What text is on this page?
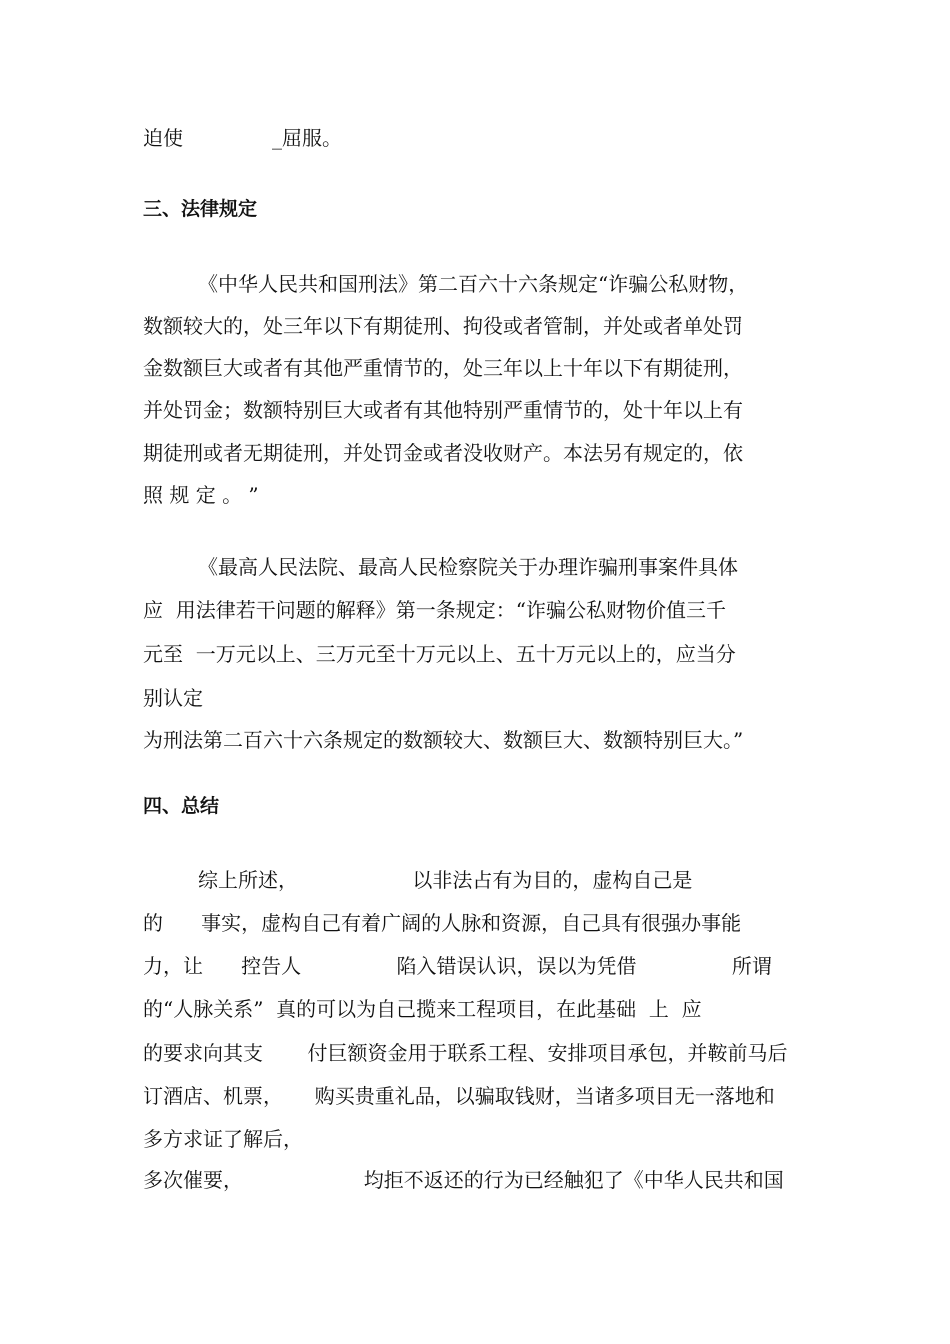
迫使              _屈服。
三、法律规定
《中华人民共和国刑法》第二百六十六条规定“诈骗公私财物，
数额较大的，处三年以下有期徒刑、拘役或者管制，并处或者单处罚
金数额巨大或者有其他严重情节的，处三年以上十年以下有期徒刑，
并处罚金；数额特别巨大或者有其他特别严重情节的，处十年以上有
期徒刑或者无期徒刑，并处罚金或者没收财产。本法另有规定的，依
照 规 定 。 ”
《最高人民法院、最高人民检察院关于办理诈骗刑事案件具体
应  用法律若干问题的解释》第一条规定：“诈骗公私财物价值三千
元至  一万元以上、三万元至十万元以上、五十万元以上的，应当分
别认定
为刑法第二百六十六条规定的数额较大、数额巨大、数额特别巨大。”
四、总结
综上所述，                  以非法占有为目的，虚构自己是
的      事实，虚构自己有着广阔的人脉和资源，自己具有很强办事能
力，让      控告人               陷入错误认识，误以为凭借               所谓
的“人脉关系”  真的可以为自己揽来工程项目，在此基础  上  应
的要求向其支       付巨额资金用于联系工程、安排项目承包，并鞍前马后
订酒店、机票，     购买贵重礼品，以骗取钱财，当诸多项目无一落地和
多方求证了解后，
多次催要，                   均拒不返还的行为已经触犯了《中华人民共和国
